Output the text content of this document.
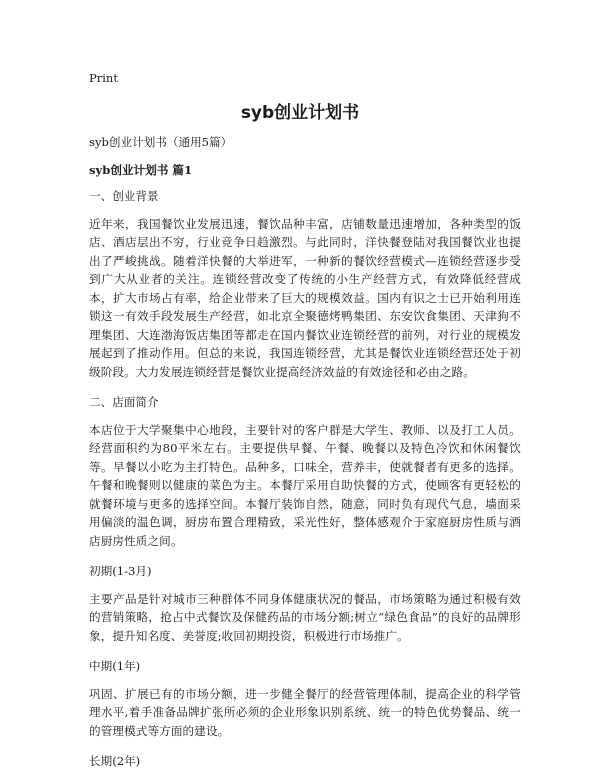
Print
syb创业计划书

syb创业计划书（通用5篇）

syb创业计划书 篇1

一、创业背景

近年来，我国餐饮业发展迅速，餐饮品种丰富，店铺数量迅速增加，各种类型的饭店、酒店层出不穷，行业竞争日趋激烈。与此同时，洋快餐登陆对我国餐饮业也提出了严峻挑战。随着洋快餐的大举进军，一种新的餐饮经营模式—连锁经营逐步受到广大从业者的关注。连锁经营改变了传统的小生产经营方式，有效降低经营成本，扩大市场占有率，给企业带来了巨大的规模效益。国内有识之士已开始利用连锁这一有效手段发展生产经营，如北京全聚德烤鸭集团、东安饮食集团、天津狗不理集团、大连渤海饭店集团等都走在国内餐饮业连锁经营的前列，对行业的规模发展起到了推动作用。但总的来说，我国连锁经营，尤其是餐饮业连锁经营还处于初级阶段。大力发展连锁经营是餐饮业提高经济效益的有效途径和必由之路。

二、店面简介

本店位于大学聚集中心地段，主要针对的客户群是大学生、教师、以及打工人员。经营面积约为80平米左右。主要提供早餐、午餐、晚餐以及特色冷饮和休闲餐饮等。早餐以小吃为主打特色。品种多，口味全，营养丰，使就餐者有更多的选择。午餐和晚餐则以健康的菜色为主。本餐厅采用自助快餐的方式，使顾客有更轻松的就餐环境与更多的选择空间。本餐厅装饰自然，随意，同时负有现代气息，墙面采用偏淡的温色调，厨房布置合理精致，采光性好，整体感观介于家庭厨房性质与酒店厨房性质之间。

初期(1-3月)

主要产品是针对城市三种群体不同身体健康状况的餐品，市场策略为通过积极有效的营销策略，抢占中式餐饮及保健药品的市场分额;树立“绿色食品”的良好的品牌形象，提升知名度、美誉度;收回初期投资，积极进行市场推广。

中期(1年)

巩固、扩展已有的市场分额，进一步健全餐厅的经营管理体制，提高企业的科学管理水平,着手准备品牌扩张所必须的企业形象识别系统、统一的特色优势餐品、统一的管理模式等方面的建设。

长期(2年)
